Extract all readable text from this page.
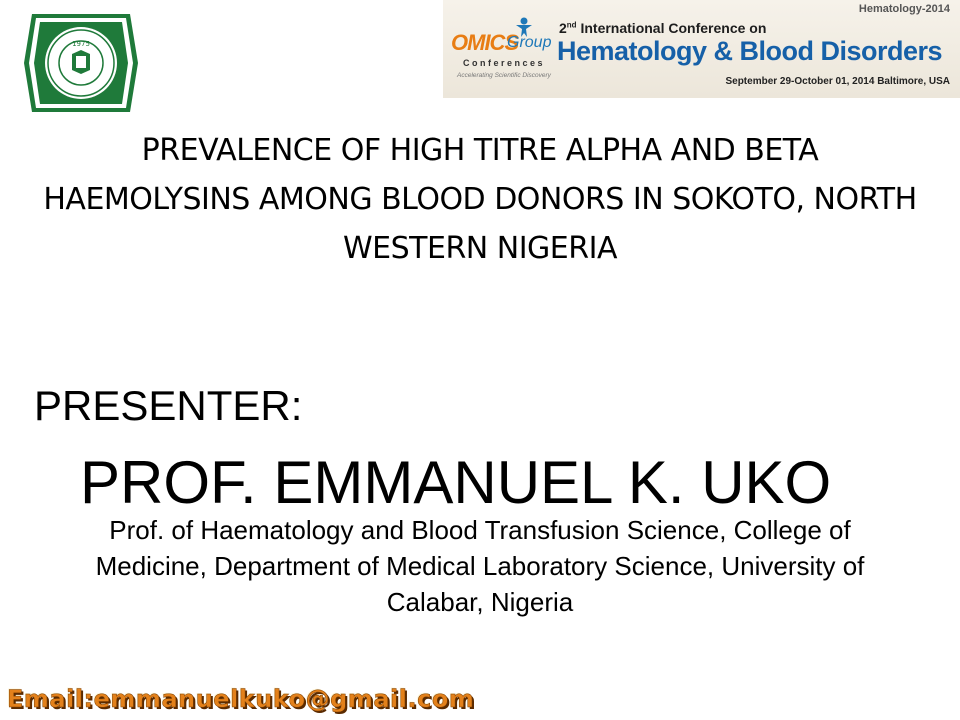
1975
Hematology-2014
OMICS
Group
Conferences
Accelerating Scientific Discovery
2nd International Conference on
Hematology & Blood Disorders
September 29-October 01, 2014 Baltimore, USA
PREVALENCE OF HIGH TITRE ALPHA AND BETA HAEMOLYSINS AMONG BLOOD DONORS IN SOKOTO, NORTH WESTERN NIGERIA
PRESENTER:
PROF. EMMANUEL K. UKO
Prof. of Haematology and Blood Transfusion Science, College of Medicine, Department of Medical Laboratory Science, University of Calabar, Nigeria
Email:emmanuelkuko@gmail.com
